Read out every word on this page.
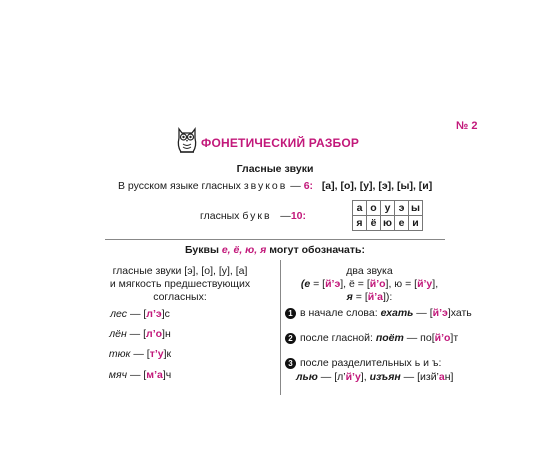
ФОНЕТИЧЕСКИЙ РАЗБОР
№ 2
Гласные звуки
В русском языке гласных звуков — 6: [а], [о], [у], [э], [ы], [и]
гласных букв   —10:
а	о	у	э	ы
я	ё	ю	е	и
Буквы е, ё, ю, я могут обозначать:
гласные звуки [э], [о], [у], [а]
и мягкость предшествующих
согласных:
лес — [л’э]с
лён — [л’о]н
тюк — [т’у]к
мяч — [м’а]ч
два звука
(е = [й’э], ё = [й’о], ю = [й’у],
я = [й’а]):
1 в начале слова: ехать — [й’э]хать
2 после гласной: поёт — по[й’о]т
3 после разделительных ь и ъ:
лью — [л’й’у], изъян — [изй’ан]
